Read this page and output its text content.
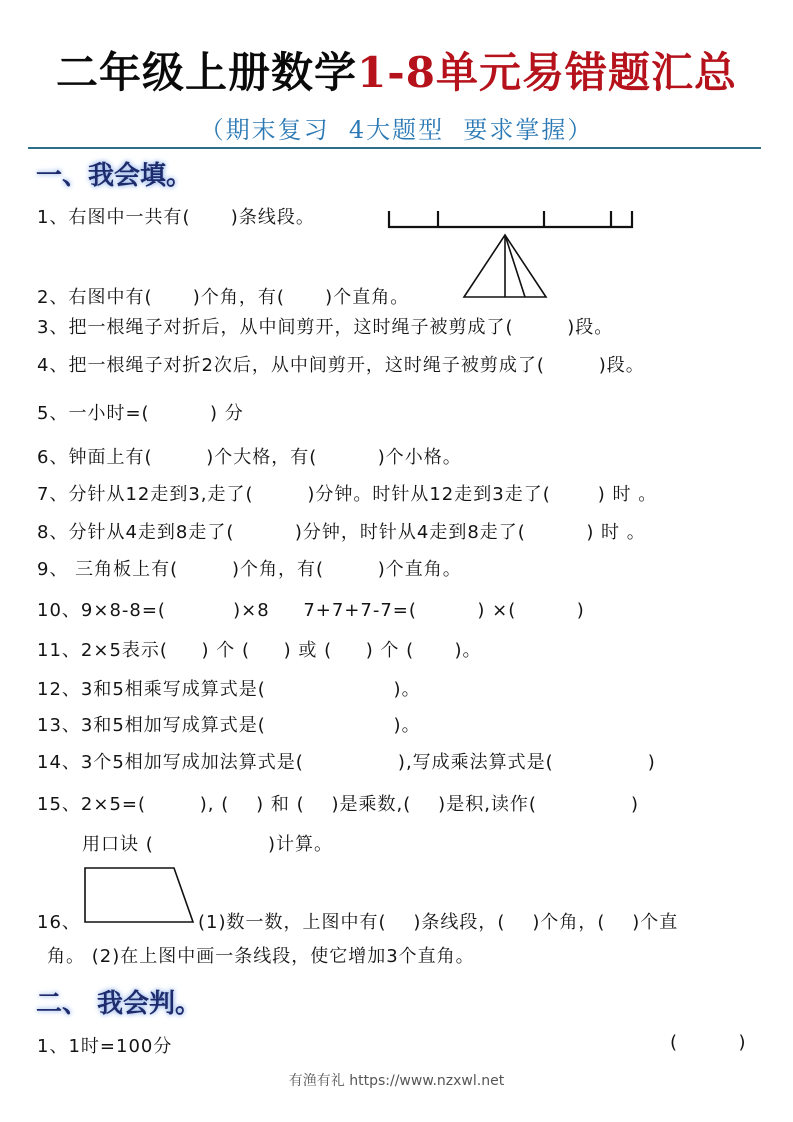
二年级上册数学1-8单元易错题汇总
（期末复习  4大题型  要求掌握）
一、我会填。
1、右图中一共有(      )条线段。
2、右图中有(      )个角，有(      )个直角。
3、把一根绳子对折后，从中间剪开，这时绳子被剪成了(        )段。
4、把一根绳子对折2次后，从中间剪开，这时绳子被剪成了(        )段。
5、一小时=(         ) 分
6、钟面上有(        )个大格，有(         )个小格。
7、分针从12走到3,走了(        )分钟。时针从12走到3走了(       ) 时 。
8、分针从4走到8走了(         )分钟，时针从4走到8走了(         ) 时 。
9、 三角板上有(        )个角，有(        )个直角。
10、9×8-8=(          )×8     7+7+7-7=(         ) ×(         )
11、2×5表示(     ) 个 (     ) 或 (     ) 个 (      )。
12、3和5相乘写成算式是(                   )。
13、3和5相加写成算式是(                   )。
14、3个5相加写成加法算式是(              ),写成乘法算式是(              )
15、2×5=(        ), (    ) 和 (    )是乘数,(    )是积,读作(              )
用口诀 (                 )计算。
16、	(1)数一数，上图中有(    )条线段，(    )个角，(    )个直
角。 (2)在上图中画一条线段，使它增加3个直角。
二、 我会判。
1、1时=100分	(         )
有渔有礼 https://www.nzxwl.net
